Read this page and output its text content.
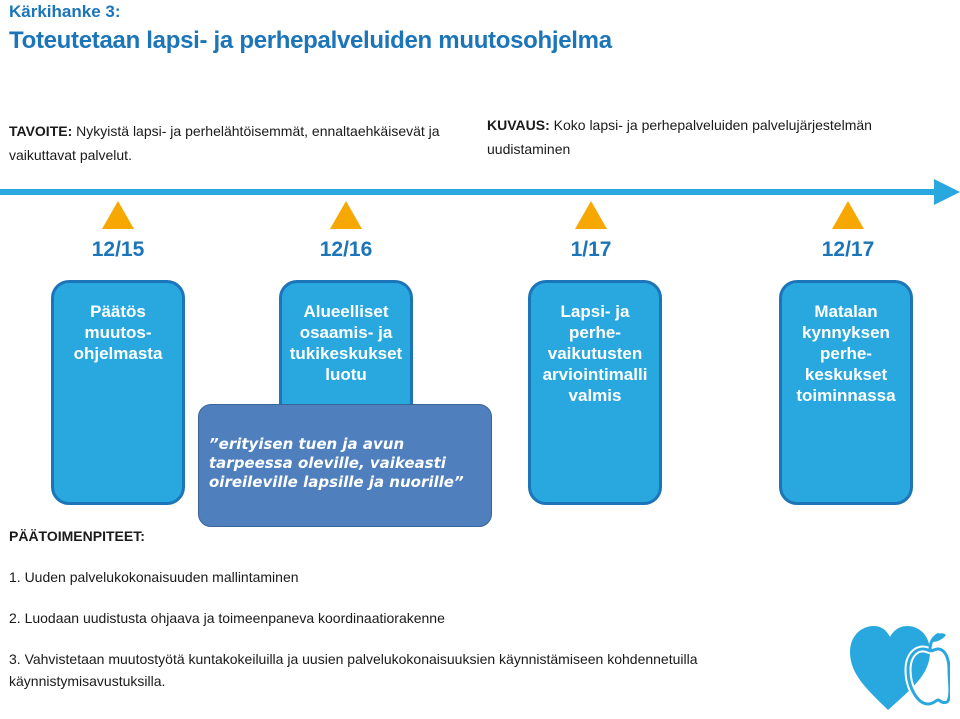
Kärkihanke 3:
Toteutetaan lapsi- ja perhepalveluiden muutosohjelma
TAVOITE: Nykyistä lapsi- ja perhelähtöisemmät, ennaltaehkäisevät ja vaikuttavat palvelut.
KUVAUS: Koko lapsi- ja perhepalveluiden palvelujärjestelmän uudistaminen
12/15
Päätös
muutos-
ohjelmasta
12/16
Alueelliset
osaamis- ja
tukikeskukset
luotu
1/17
Lapsi- ja
perhe-
vaikutusten
arviointimalli
valmis
12/17
Matalan
kynnyksen
perhe-
keskukset
toiminnassa
”erityisen tuen ja avun tarpeessa oleville, vaikeasti oireileville lapsille ja nuorille”
PÄÄTOIMENPITEET:
1. Uuden palvelukokonaisuuden mallintaminen
2. Luodaan uudistusta ohjaava ja toimeenpaneva koordinaatiorakenne
3. Vahvistetaan muutostyötä kuntakokeiluilla ja uusien palvelukokonaisuuksien käynnistämiseen kohdennetuilla käynnistymisavustuksilla.
